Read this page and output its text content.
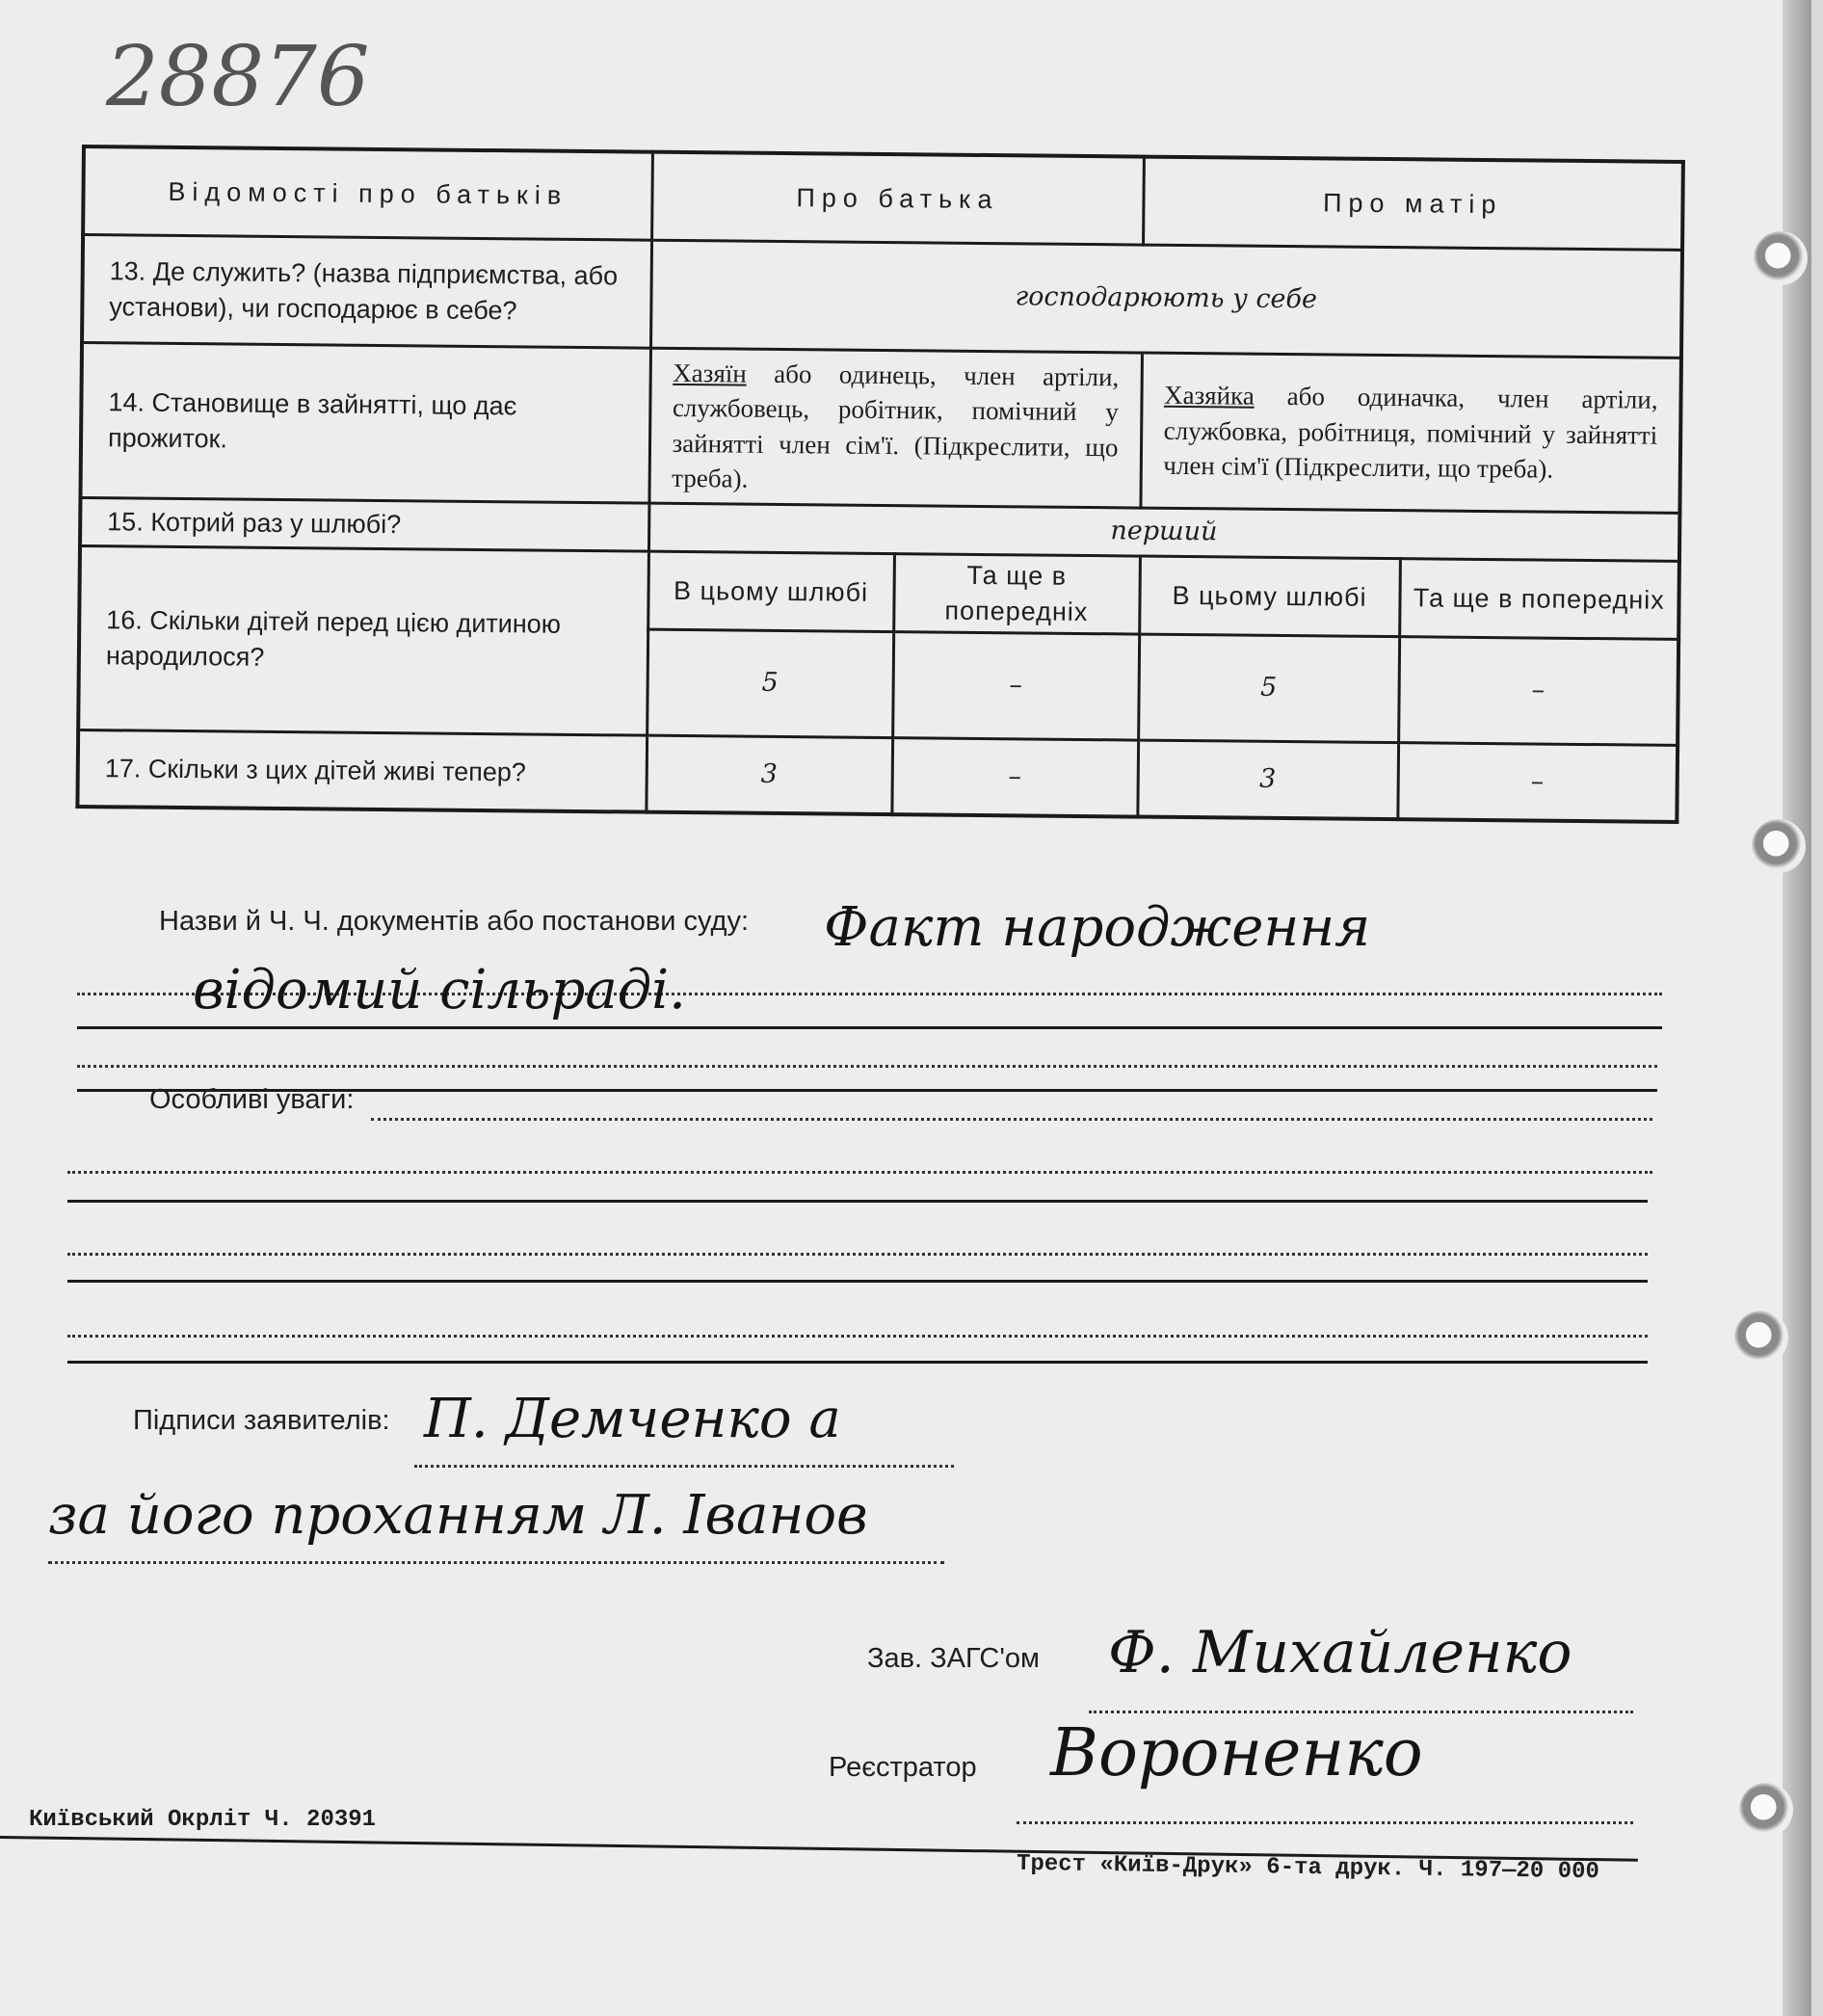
28876
Відомості про батьків	Про батька		Про матір	
13. Де служить? (назва підприємства, або установи), чи господарює в себе?	господарюють у себе			
14. Становище в зайнятті, що дає прожиток.	Хазяїн або одинець, член артіли, службовець, робітник, помічний у зайнятті член сім'ї. (Підкреслити, що треба).		Хазяйка або одиначка, член артіли, службовка, робітниця, помічний у зайнятті член сім'ї (Підкреслити, що треба).	
15. Котрий раз у шлюбі?	перший			
16. Скільки дітей перед цією дитиною народилося?	В цьому шлюбі	Та ще в попередніх	В цьому шлюбі	Та ще в попередніх
	5	–	5	–
17. Скільки з цих дітей живі тепер?	3	–	3	–
Назви й Ч. Ч. документів або постанови суду: Факт народження
відомий сільраді.
Особливі уваги:
Підписи заявителів: П. Демченко а
за його проханням Л. Іванов
Зав. ЗАГС'ом Ф. Михайленко
Реєстратор Вороненко
Київський Окрліт Ч. 20391
Трест «Київ-Друк» 6-та друк. Ч. 197—20 000
